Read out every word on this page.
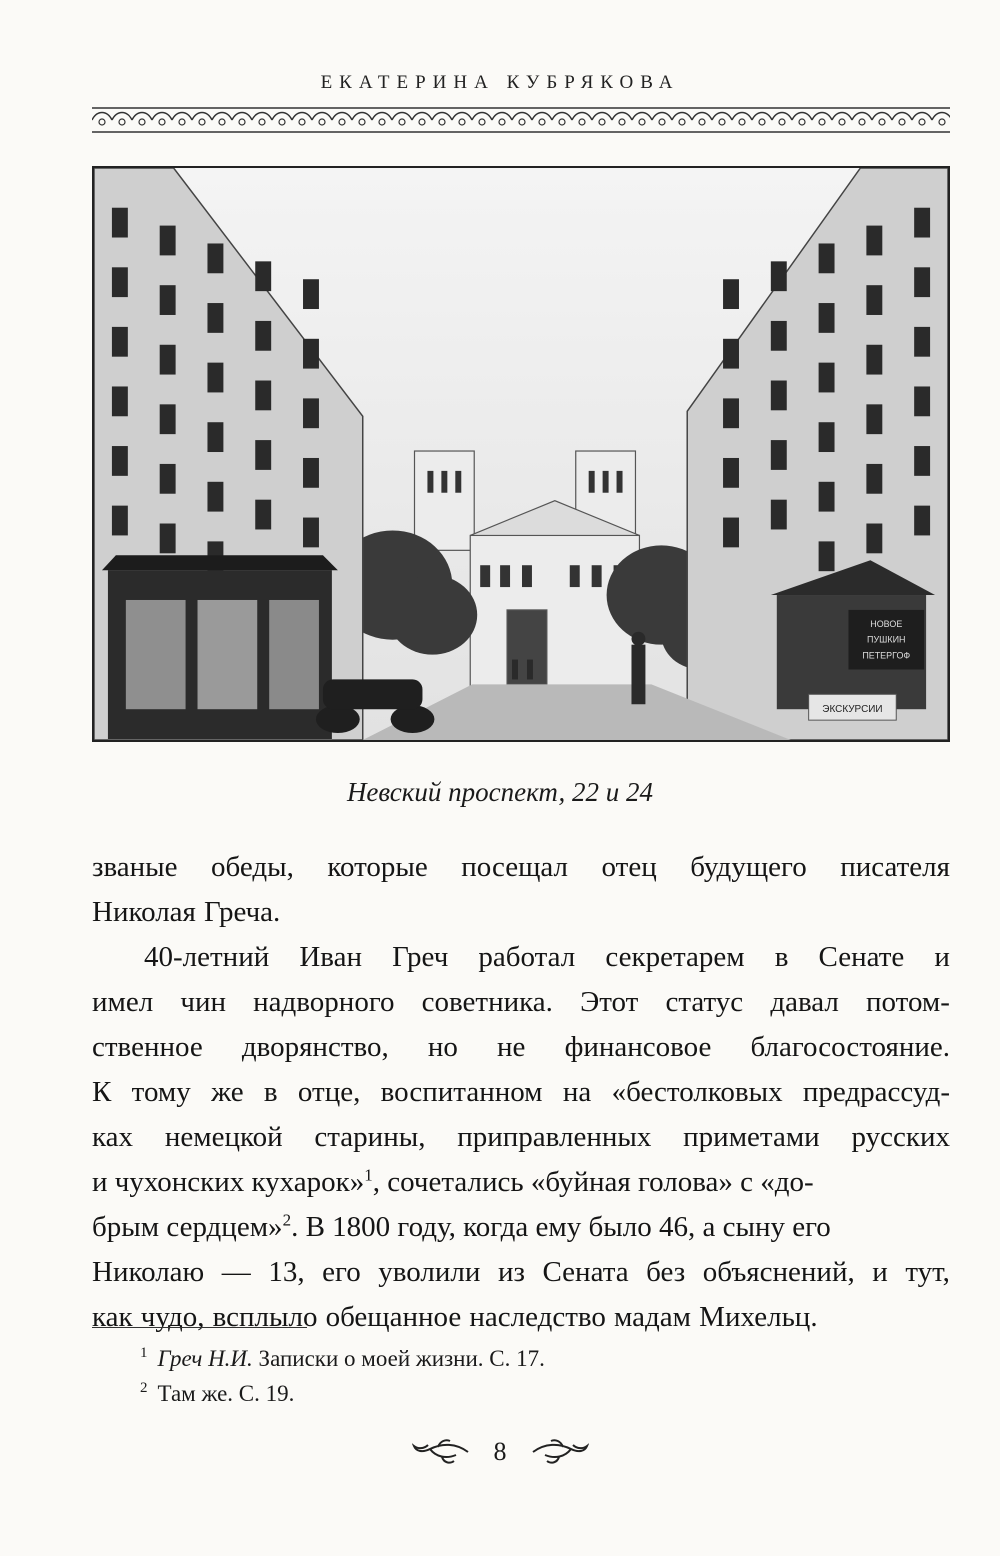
ЕКАТЕРИНА КУБРЯКОВА
НОВОЕ
ПУШКИН
ПЕТЕРГОФ
ЭКСКУРСИИ
Невский проспект, 22 и 24
званые обеды, которые посещал отец будущего писателя
Николая Греча.
40-летний Иван Греч работал секретарем в Сенате и
имел чин надворного советника. Этот статус давал потом-
ственное дворянство, но не финансовое благосостояние.
К тому же в отце, воспитанном на «бестолковых предрассуд-
ках немецкой старины, приправленных приметами русских
и чухонских кухарок»$^1$, сочетались «буйная голова» с «до-
брым сердцем»$^2$. В 1800 году, когда ему было 46, а сыну его
Николаю — 13, его уволили из Сената без объяснений, и тут,
как чудо, всплыло обещанное наследство мадам Михельц.
$^1$ Греч Н.И. Записки о моей жизни. С. 17.
$^2$ Там же. С. 19.
8
